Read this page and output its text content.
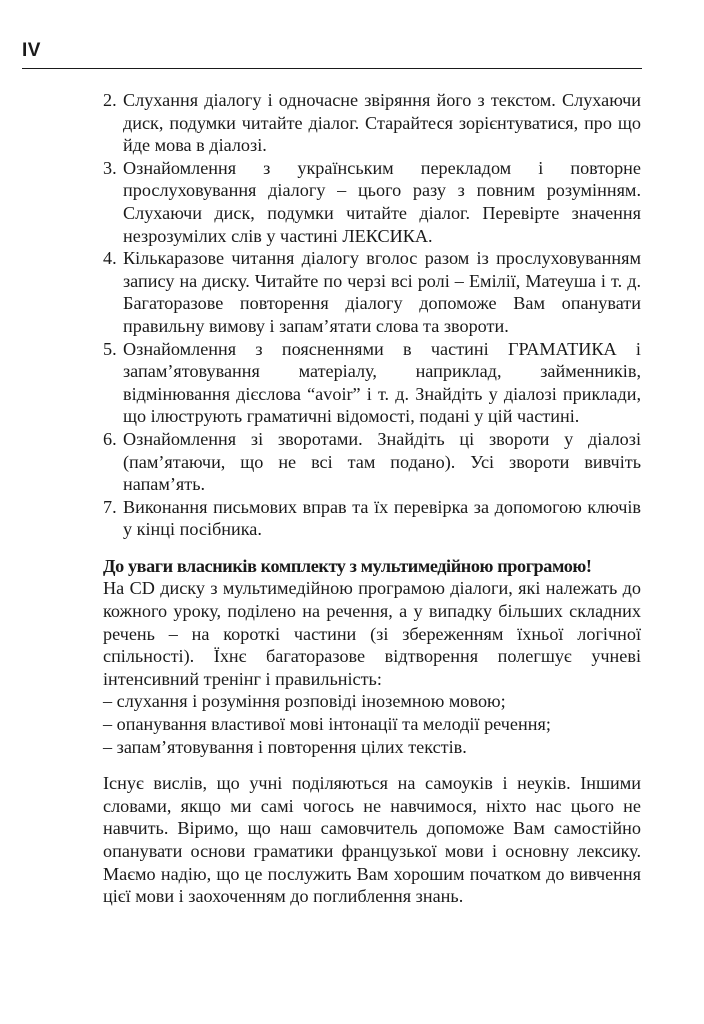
IV
2. Слухання діалогу і одночасне звіряння його з текстом. Слухаючи диск, подумки читайте діалог. Старайтеся зорієнтуватися, про що йде мова в діалозі.
3. Ознайомлення з українським перекладом і повторне прослуховування діалогу – цього разу з повним розумінням. Слухаючи диск, подумки читайте діалог. Перевірте значення незрозумілих слів у частині ЛЕКСИКА.
4. Кількаразове читання діалогу вголос разом із прослуховуванням запису на диску. Читайте по черзі всі ролі – Емілії, Матеуша і т. д. Багаторазове повторення діалогу допоможе Вам опанувати правильну вимову і запам’ятати слова та звороти.
5. Ознайомлення з поясненнями в частині ГРАМАТИКА і запам’ятовування матеріалу, наприклад, займенників, відмінювання дієслова “avoir” і т. д. Знайдіть у діалозі приклади, що ілюструють граматичні відомості, подані у цій частині.
6. Ознайомлення зі зворотами. Знайдіть ці звороти у діалозі (пам’ятаючи, що не всі там подано). Усі звороти вивчіть напам’ять.
7. Виконання письмових вправ та їх перевірка за допомогою ключів у кінці посібника.
До уваги власників комплекту з мультимедійною програмою!
На CD диску з мультимедійною програмою діалоги, які належать до кожного уроку, поділено на речення, а у випадку більших складних речень – на короткі частини (зі збереженням їхньої логічної спільності). Їхнє багаторазове відтворення полегшує учневі інтенсивний тренінг і правильність:
– слухання і розуміння розповіді іноземною мовою;
– опанування властивої мові інтонації та мелодії речення;
– запам’ятовування і повторення цілих текстів.

Існує вислів, що учні поділяються на самоуків і неуків. Іншими словами, якщо ми самі чогось не навчимося, ніхто нас цього не навчить. Віримо, що наш самовчитель допоможе Вам самостійно опанувати основи граматики французької мови і основну лексику. Маємо надію, що це послужить Вам хорошим початком до вивчення цієї мови і заохоченням до поглиблення знань.
